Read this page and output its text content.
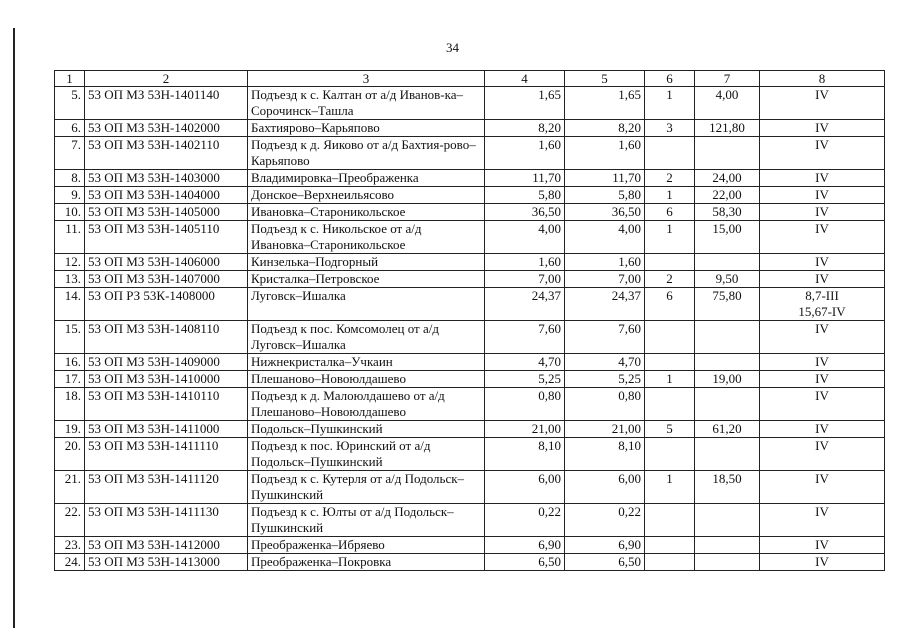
34
1	2	3	4	5	6	7	8
5.	53 ОП МЗ 53Н-1401140	Подъезд к с. Калтан от а/д Иванов-ка–Сорочинск–Ташла	1,65	1,65	1	4,00	IV
6.	53 ОП МЗ 53Н-1402000	Бахтиярово–Карьяпово	8,20	8,20	3	121,80	IV
7.	53 ОП МЗ 53Н-1402110	Подъезд к д. Яиково от а/д Бахтия-рово–Карьяпово	1,60	1,60			IV
8.	53 ОП МЗ 53Н-1403000	Владимировка–Преображенка	11,70	11,70	2	24,00	IV
9.	53 ОП МЗ 53Н-1404000	Донское–Верхнеильясово	5,80	5,80	1	22,00	IV
10.	53 ОП МЗ 53Н-1405000	Ивановка–Староникольское	36,50	36,50	6	58,30	IV
11.	53 ОП МЗ 53Н-1405110	Подъезд к с. Никольское от а/д Ивановка–Староникольское	4,00	4,00	1	15,00	IV
12.	53 ОП МЗ 53Н-1406000	Кинзелька–Подгорный	1,60	1,60			IV
13.	53 ОП МЗ 53Н-1407000	Кристалка–Петровское	7,00	7,00	2	9,50	IV
14.	53 ОП РЗ 53К-1408000	Луговск–Ишалка	24,37	24,37	6	75,80	8,7-III
15,67-IV
15.	53 ОП МЗ 53Н-1408110	Подъезд к пос. Комсомолец от а/д Луговск–Ишалка	7,60	7,60			IV
16.	53 ОП МЗ 53Н-1409000	Нижнекристалка–Учкаин	4,70	4,70			IV
17.	53 ОП МЗ 53Н-1410000	Плешаново–Новоюлдашево	5,25	5,25	1	19,00	IV
18.	53 ОП МЗ 53Н-1410110	Подъезд к д. Малоюлдашево от а/д Плешаново–Новоюлдашево	0,80	0,80			IV
19.	53 ОП МЗ 53Н-1411000	Подольск–Пушкинский	21,00	21,00	5	61,20	IV
20.	53 ОП МЗ 53Н-1411110	Подъезд к пос. Юринский от а/д Подольск–Пушкинский	8,10	8,10			IV
21.	53 ОП МЗ 53Н-1411120	Подъезд к с. Кутерля от а/д Подольск–Пушкинский	6,00	6,00	1	18,50	IV
22.	53 ОП МЗ 53Н-1411130	Подъезд к с. Юлты от а/д Подольск–Пушкинский	0,22	0,22			IV
23.	53 ОП МЗ 53Н-1412000	Преображенка–Ибряево	6,90	6,90			IV
24.	53 ОП МЗ 53Н-1413000	Преображенка–Покровка	6,50	6,50			IV
